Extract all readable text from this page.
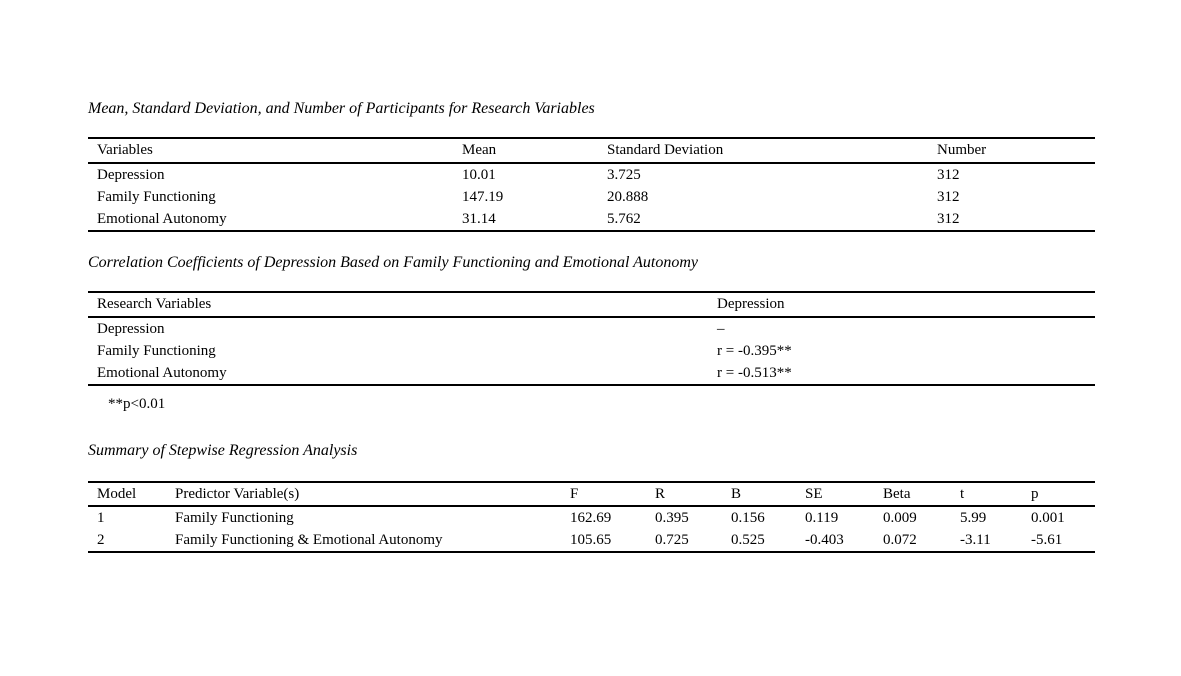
Mean, Standard Deviation, and Number of Participants for Research Variables
Variables	Mean	Standard Deviation	Number
Depression	10.01	3.725	312
Family Functioning	147.19	20.888	312
Emotional Autonomy	31.14	5.762	312
Correlation Coefficients of Depression Based on Family Functioning and Emotional Autonomy
Research Variables	Depression
Depression	–
Family Functioning	r = -0.395**
Emotional Autonomy	r = -0.513**
**p<0.01
Summary of Stepwise Regression Analysis
Model	Predictor Variable(s)	F	R	B	SE	Beta	t	p
1	Family Functioning	162.69	0.395	0.156	0.119	0.009	5.99	0.001
2	Family Functioning & Emotional Autonomy	105.65	0.725	0.525	-0.403	0.072	-3.11	-5.61
